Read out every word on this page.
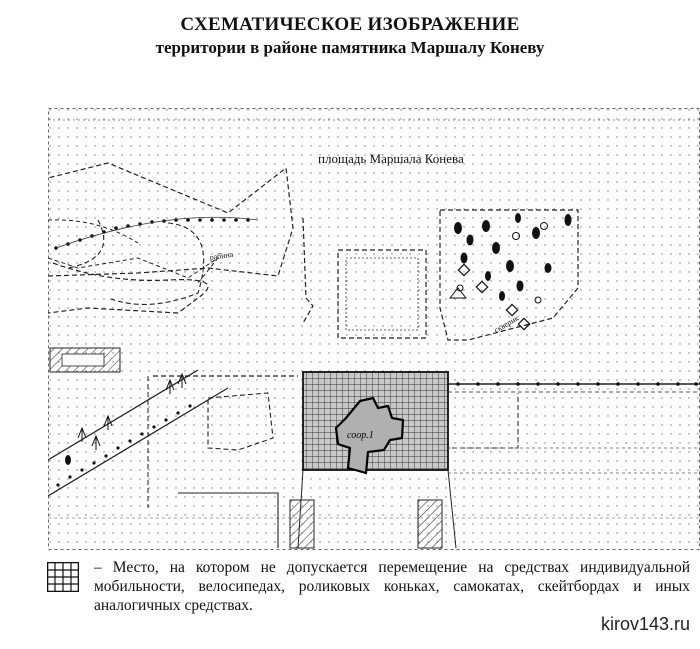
СХЕМАТИЧЕСКОЕ ИЗОБРАЖЕНИЕ
территории в районе памятника Маршалу Коневу
площадь Маршала Конева
рабина
скверик
соор.1
– Место, на котором не допускается перемещение на средствах индивидуальной мобильности, велосипедах, роликовых коньках, самокатах, скейтбордах и иных аналогичных средствах.
kirov143.ru
